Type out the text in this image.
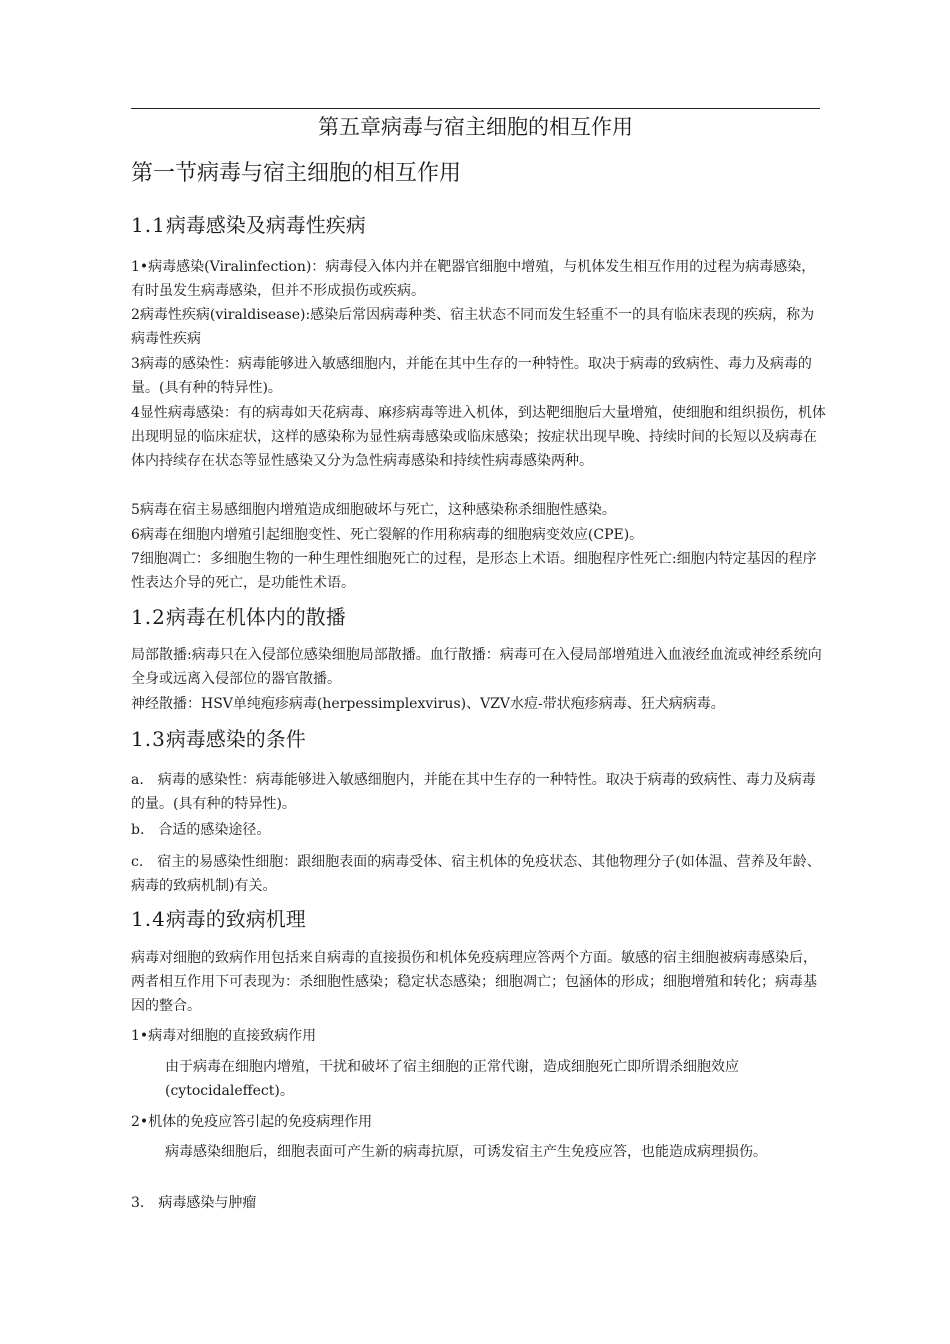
第五章病毒与宿主细胞的相互作用
第一节病毒与宿主细胞的相互作用
1.1病毒感染及病毒性疾病

1•病毒感染(Viralinfection)：病毒侵入体内并在靶器官细胞中增殖，与机体发生相互作用的过程为病毒感染，有时虽发生病毒感染，但并不形成损伤或疾病。

2病毒性疾病(viraldisease):感染后常因病毒种类、宿主状态不同而发生轻重不一的具有临床表现的疾病，称为病毒性疾病

3病毒的感染性：病毒能够进入敏感细胞内，并能在其中生存的一种特性。取决于病毒的致病性、毒力及病毒的量。(具有种的特异性)。

4显性病毒感染：有的病毒如天花病毒、麻疹病毒等进入机体，到达靶细胞后大量增殖，使细胞和组织损伤，机体出现明显的临床症状，这样的感染称为显性病毒感染或临床感染；按症状出现早晚、持续时间的长短以及病毒在体内持续存在状态等显性感染又分为急性病毒感染和持续性病毒感染两种。

5病毒在宿主易感细胞内增殖造成细胞破坏与死亡，这种感染称杀细胞性感染。

6病毒在细胞内增殖引起细胞变性、死亡裂解的作用称病毒的细胞病变效应(CPE)。

7细胞凋亡：多细胞生物的一种生理性细胞死亡的过程，是形态上术语。细胞程序性死亡:细胞内特定基因的程序性表达介导的死亡，是功能性术语。

1.2病毒在机体内的散播

局部散播:病毒只在入侵部位感染细胞局部散播。血行散播：病毒可在入侵局部增殖进入血液经血流或神经系统向全身或远离入侵部位的器官散播。

神经散播：HSV单纯疱疹病毒(herpessimplexvirus)、VZV水痘-带状疱疹病毒、狂犬病病毒。

1.3病毒感染的条件

a.　病毒的感染性：病毒能够进入敏感细胞内，并能在其中生存的一种特性。取决于病毒的致病性、毒力及病毒的量。(具有种的特异性)。

b.　合适的感染途径。

c.　宿主的易感染性细胞：跟细胞表面的病毒受体、宿主机体的免疫状态、其他物理分子(如体温、营养及年龄、病毒的致病机制)有关。

1.4病毒的致病机理

病毒对细胞的致病作用包括来自病毒的直接损伤和机体免疫病理应答两个方面。敏感的宿主细胞被病毒感染后，两者相互作用下可表现为：杀细胞性感染；稳定状态感染；细胞凋亡；包涵体的形成；细胞增殖和转化；病毒基因的整合。

1•病毒对细胞的直接致病作用

由于病毒在细胞内增殖，干扰和破坏了宿主细胞的正常代谢，造成细胞死亡即所谓杀细胞效应(cytocidaleffect)。

2•机体的免疫应答引起的免疫病理作用

病毒感染细胞后，细胞表面可产生新的病毒抗原，可诱发宿主产生免疫应答，也能造成病理损伤。

3.　病毒感染与肿瘤
